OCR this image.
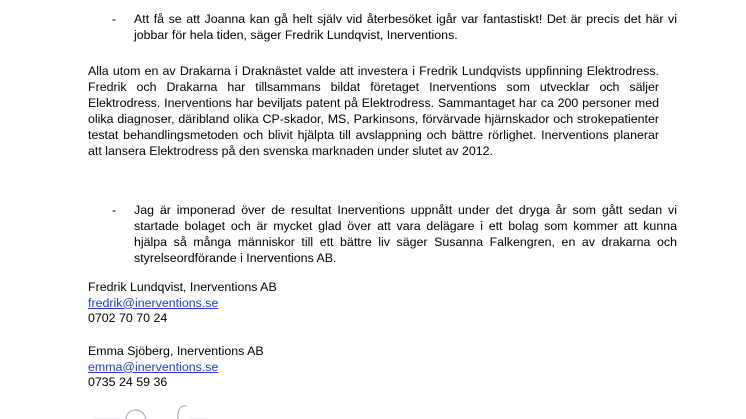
- Att få se att Joanna kan gå helt själv vid återbesöket igår var fantastiskt! Det är precis det här vi jobbar för hela tiden, säger Fredrik Lundqvist, Inerventions.
Alla utom en av Drakarna i Draknästet valde att investera i Fredrik Lundqvists uppfinning Elektrodress. Fredrik och Drakarna har tillsammans bildat företaget Inerventions som utvecklar och säljer Elektrodress. Inerventions har beviljats patent på Elektrodress. Sammantaget har ca 200 personer med olika diagnoser, däribland olika CP-skador, MS, Parkinsons, förvärvade hjärnskador och strokepatienter testat behandlingsmetoden och blivit hjälpta till avslappning och bättre rörlighet. Inerventions planerar att lansera Elektrodress på den svenska marknaden under slutet av 2012.
- Jag är imponerad över de resultat Inerventions uppnått under det dryga år som gått sedan vi startade bolaget och är mycket glad över att vara delägare i ett bolag som kommer att kunna hjälpa så många människor till ett bättre liv säger Susanna Falkengren, en av drakarna och styrelseordförande i Inerventions AB.
Fredrik Lundqvist, Inerventions AB
fredrik@inerventions.se
0702 70 70 24
Emma Sjöberg, Inerventions AB
emma@inerventions.se
0735 24 59 36
